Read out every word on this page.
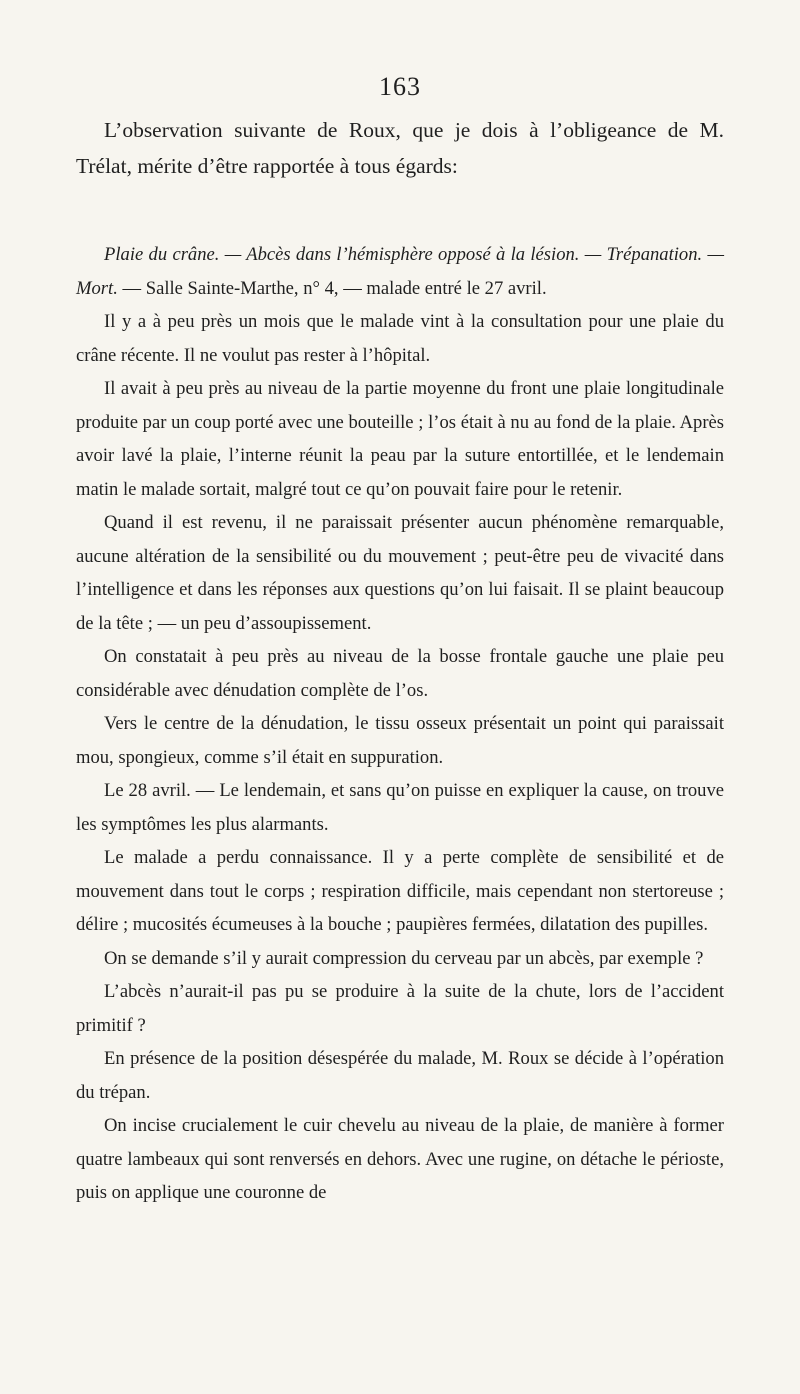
163
L’observation suivante de Roux, que je dois à l’obligeance de M. Trélat, mérite d’être rapportée à tous égards:

Plaie du crâne. — Abcès dans l’hémisphère opposé à la lésion. — Trépanation. — Mort. — Salle Sainte-Marthe, n° 4, — malade entré le 27 avril.

Il y a à peu près un mois que le malade vint à la consultation pour une plaie du crâne récente. Il ne voulut pas rester à l’hôpital.

Il avait à peu près au niveau de la partie moyenne du front une plaie longitudinale produite par un coup porté avec une bouteille ; l’os était à nu au fond de la plaie. Après avoir lavé la plaie, l’interne réunit la peau par la suture entortillée, et le lendemain matin le malade sortait, malgré tout ce qu’on pouvait faire pour le retenir.

Quand il est revenu, il ne paraissait présenter aucun phénomène remarquable, aucune altération de la sensibilité ou du mouvement ; peut-être peu de vivacité dans l’intelligence et dans les réponses aux questions qu’on lui faisait. Il se plaint beaucoup de la tête ; — un peu d’assoupissement.

On constatait à peu près au niveau de la bosse frontale gauche une plaie peu considérable avec dénudation complète de l’os.

Vers le centre de la dénudation, le tissu osseux présentait un point qui paraissait mou, spongieux, comme s’il était en suppuration.

Le 28 avril. — Le lendemain, et sans qu’on puisse en expliquer la cause, on trouve les symptômes les plus alarmants.

Le malade a perdu connaissance. Il y a perte complète de sensibilité et de mouvement dans tout le corps ; respiration difficile, mais cependant non stertoreuse ; délire ; mucosités écumeuses à la bouche ; paupières fermées, dilatation des pupilles.

On se demande s’il y aurait compression du cerveau par un abcès, par exemple ?

L’abcès n’aurait-il pas pu se produire à la suite de la chute, lors de l’accident primitif ?

En présence de la position désespérée du malade, M. Roux se décide à l’opération du trépan.

On incise crucialement le cuir chevelu au niveau de la plaie, de manière à former quatre lambeaux qui sont renversés en dehors. Avec une rugine, on détache le périoste, puis on applique une couronne de
